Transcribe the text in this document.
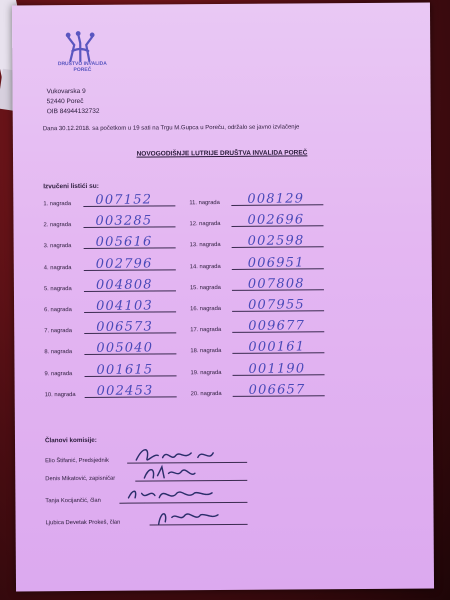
DRUŠTVO INVALIDA
POREČ
Vukovarska 9
52440 Poreč
OIB 84944132732
Dana 30.12.2018. sa početkom u 19 sati na Trgu M.Gupca u Poreču, održalo se javno izvlačenje
NOVOGODIŠNJE LUTRIJE DRUŠTVA INVALIDA POREČ
Izvučeni listići su:
1. nagrada 007152
2. nagrada 003285
3. nagrada 005616
4. nagrada 002796
5. nagrada 004808
6. nagrada 004103
7. nagrada 006573
8. nagrada 005040
9. nagrada 001615
10. nagrada 002453
11. nagrada 008129
12. nagrada 002696
13. nagrada 002598
14. nagrada 006951
15. nagrada 007808
16. nagrada 007955
17. nagrada 009677
18. nagrada 000161
19. nagrada 001190
20. nagrada 006657
Članovi komisije:
Elio Štifanić, Predsjednik
Denis Mikatović, zapisničar
Tanja Kocijančić, član
Ljubica Devetak Prokeš, član
